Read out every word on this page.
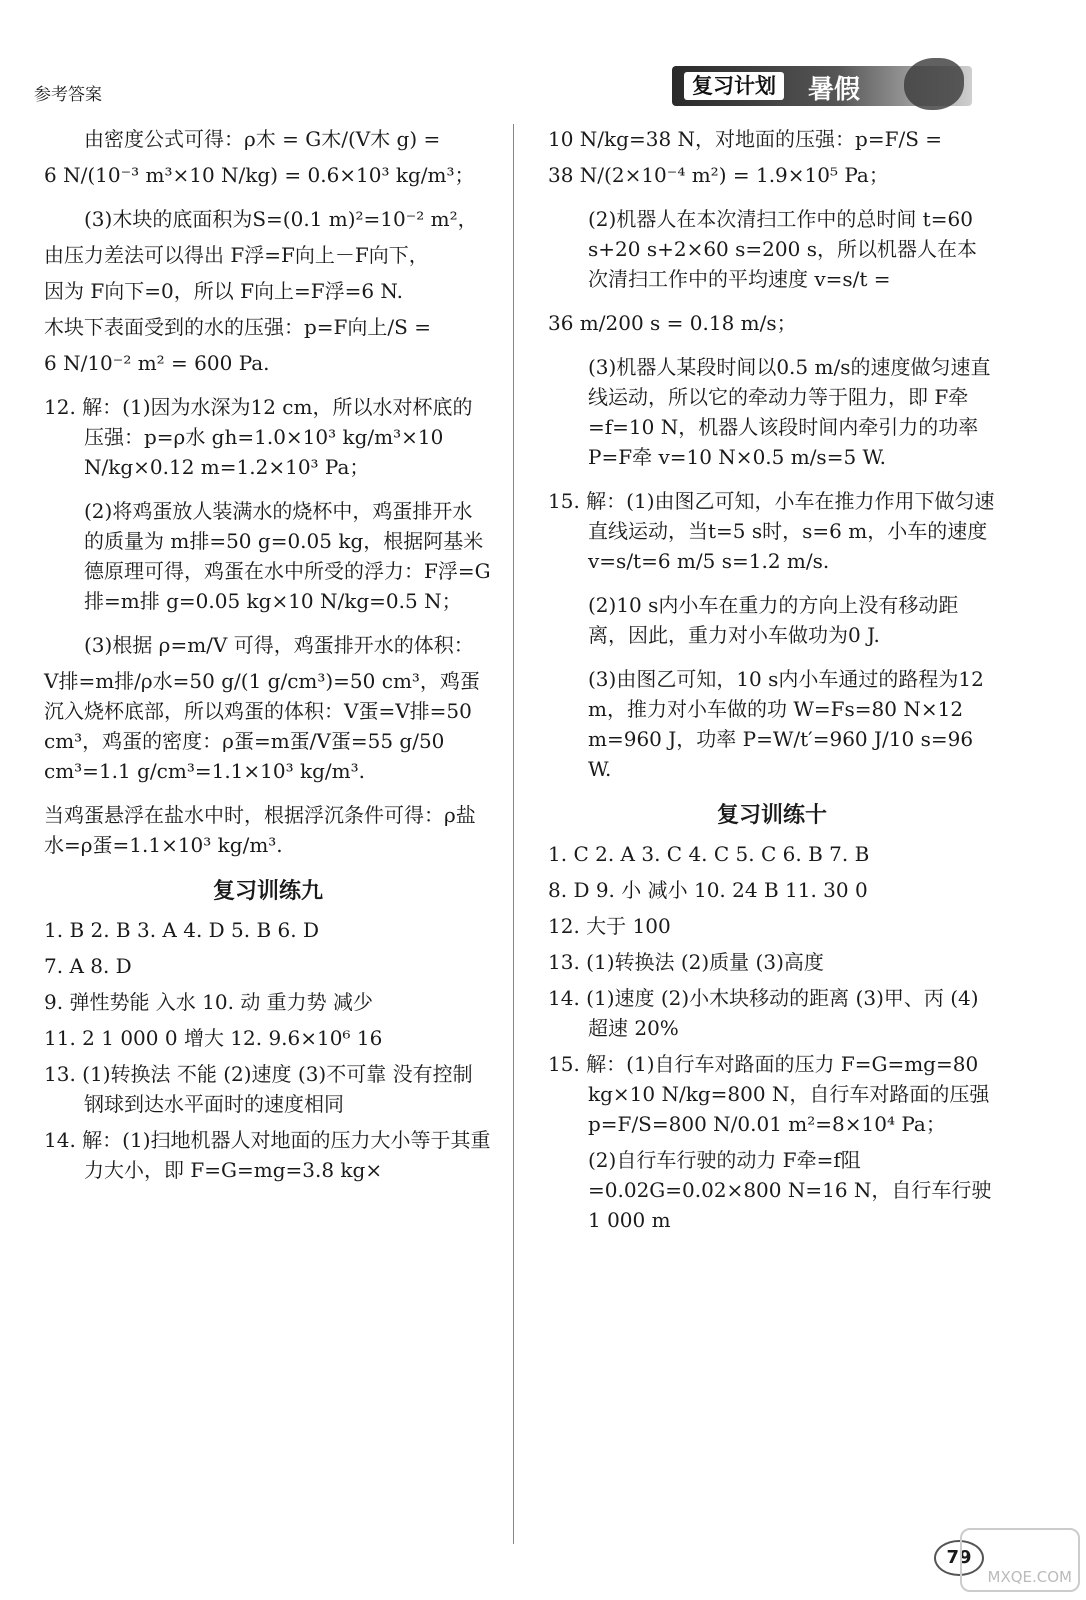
参考答案	复习计划	暑假
由密度公式可得：ρ木 = G木/(V木 g) =
6 N/(10⁻³ m³×10 N/kg) = 0.6×10³ kg/m³；
(3)木块的底面积为S=(0.1 m)²=10⁻² m²，
由压力差法可以得出 F浮=F向上－F向下，
因为 F向下=0，所以 F向上=F浮=6 N.
木块下表面受到的水的压强：p=F向上/S =
6 N/10⁻² m² = 600 Pa.
12. 解：(1)因为水深为12 cm，所以水对杯底的压强：p=ρ水 gh=1.0×10³ kg/m³×10 N/kg×0.12 m=1.2×10³ Pa；
(2)将鸡蛋放人装满水的烧杯中，鸡蛋排开水的质量为 m排=50 g=0.05 kg，根据阿基米德原理可得，鸡蛋在水中所受的浮力：F浮=G排=m排 g=0.05 kg×10 N/kg=0.5 N；
(3)根据 ρ=m/V 可得，鸡蛋排开水的体积：
V排=m排/ρ水=50 g/(1 g/cm³)=50 cm³，鸡蛋沉入烧杯底部，所以鸡蛋的体积：V蛋=V排=50 cm³，鸡蛋的密度：ρ蛋=m蛋/V蛋=55 g/50 cm³=1.1 g/cm³=1.1×10³ kg/m³.
当鸡蛋悬浮在盐水中时，根据浮沉条件可得：ρ盐水=ρ蛋=1.1×10³ kg/m³.
复习训练九
1. B 2. B 3. A 4. D 5. B 6. D
7. A 8. D
9. 弹性势能 入水 10. 动 重力势 减少
11. 2 1 000 0 增大 12. 9.6×10⁶ 16
13. (1)转换法 不能 (2)速度 (3)不可靠 没有控制钢球到达水平面时的速度相同
14. 解：(1)扫地机器人对地面的压力大小等于其重力大小，即 F=G=mg=3.8 kg×
10 N/kg=38 N，对地面的压强：p=F/S =
38 N/(2×10⁻⁴ m²) = 1.9×10⁵ Pa；
(2)机器人在本次清扫工作中的总时间 t=60 s+20 s+2×60 s=200 s，所以机器人在本次清扫工作中的平均速度 v=s/t =
36 m/200 s = 0.18 m/s；
(3)机器人某段时间以0.5 m/s的速度做匀速直线运动，所以它的牵动力等于阻力，即 F牵=f=10 N，机器人该段时间内牵引力的功率 P=F牵 v=10 N×0.5 m/s=5 W.
15. 解：(1)由图乙可知，小车在推力作用下做匀速直线运动，当t=5 s时，s=6 m，小车的速度 v=s/t=6 m/5 s=1.2 m/s.
(2)10 s内小车在重力的方向上没有移动距离，因此，重力对小车做功为0 J.
(3)由图乙可知，10 s内小车通过的路程为12 m，推力对小车做的功 W=Fs=80 N×12 m=960 J，功率 P=W/t′=960 J/10 s=96 W.
复习训练十
1. C 2. A 3. C 4. C 5. C 6. B 7. B
8. D 9. 小 减小 10. 24 B 11. 30 0
12. 大于 100
13. (1)转换法 (2)质量 (3)高度
14. (1)速度 (2)小木块移动的距离 (3)甲、丙 (4)超速 20%
15. 解：(1)自行车对路面的压力 F=G=mg=80 kg×10 N/kg=800 N，自行车对路面的压强 p=F/S=800 N/0.01 m²=8×10⁴ Pa；
(2)自行车行驶的动力 F牵=f阻=0.02G=0.02×800 N=16 N，自行车行驶 1 000 m
79
MXQE.COM
